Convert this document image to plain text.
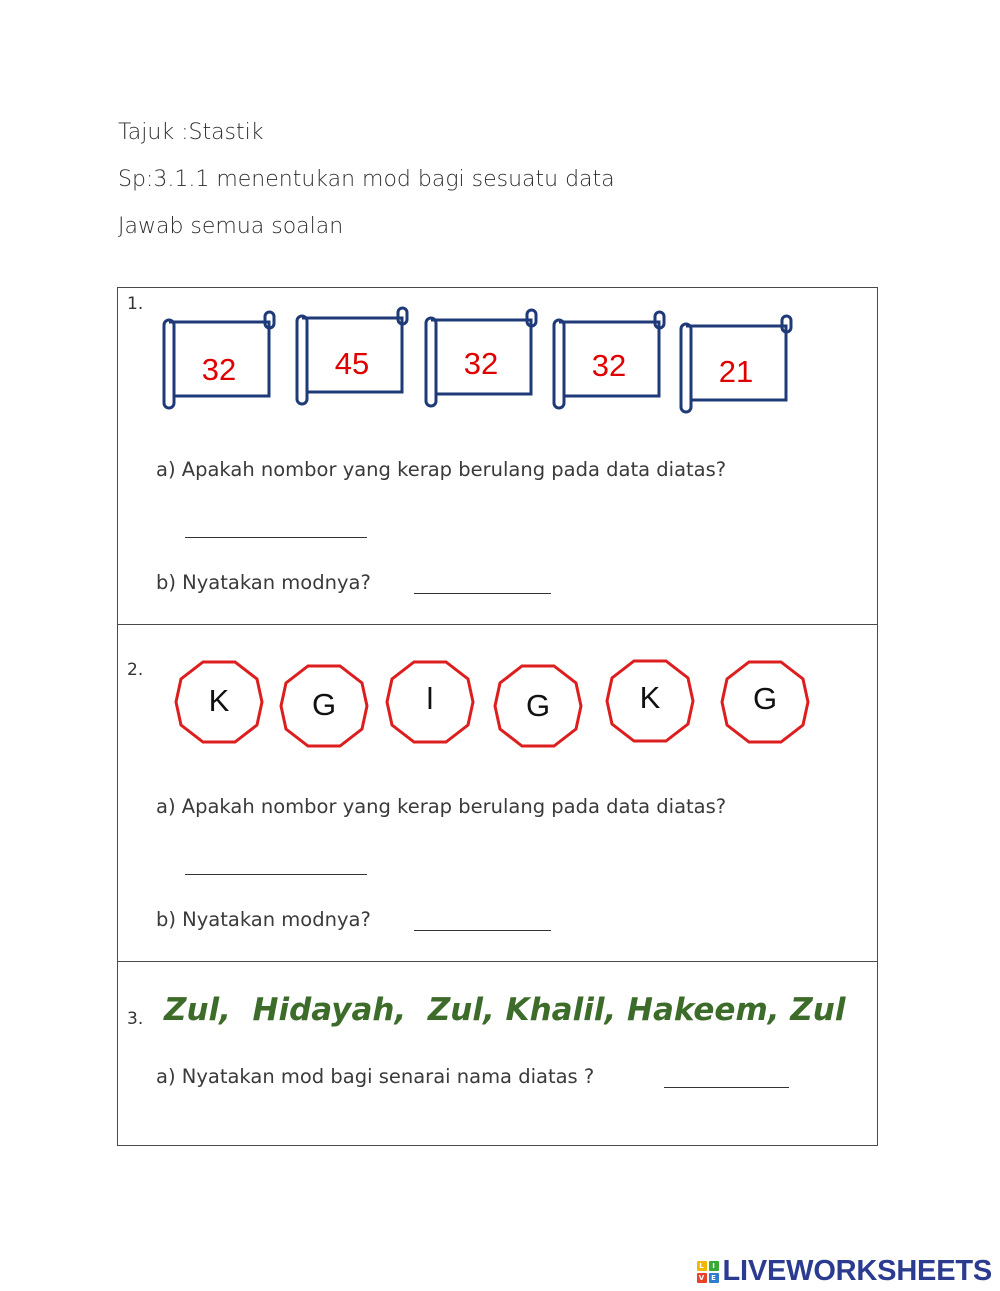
Tajuk :Stastik
Sp:3.1.1 menentukan mod bagi sesuatu data
Jawab semua soalan
1.
32	45	32	32	21
a) Apakah nombor yang kerap berulang pada data diatas?
b) Nyatakan modnya?
2.
K	G	l	G	K	G
a) Apakah nombor yang kerap berulang pada data diatas?
b) Nyatakan modnya?
3. Zul,  Hidayah,  Zul, Khalil, Hakeem, Zul
a) Nyatakan mod bagi senarai nama diatas ?
L	I
V E LIVEWORKSHEETS
